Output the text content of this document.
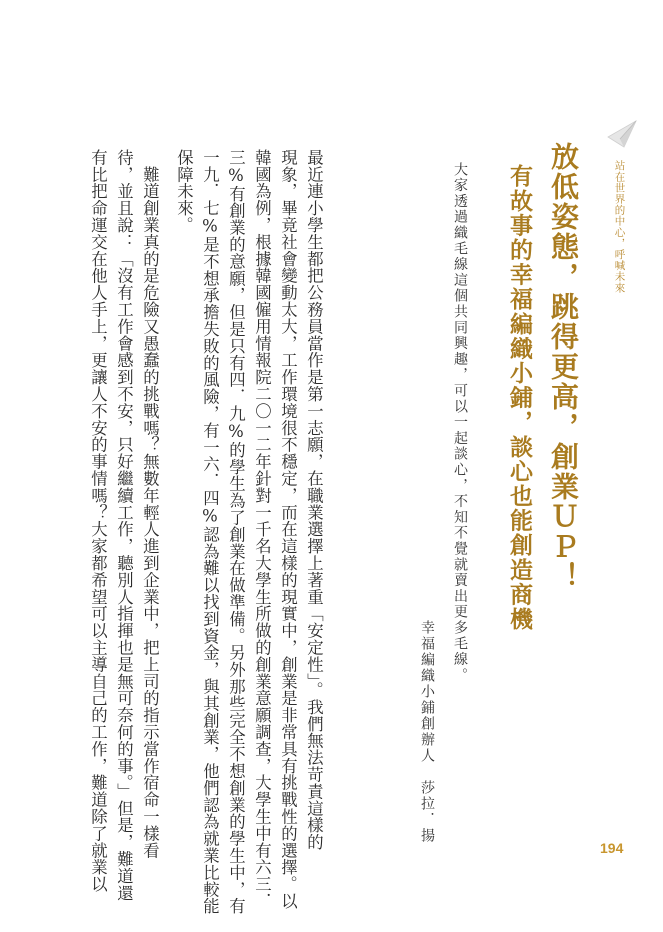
站在世界的中心，呼喊未來
放低姿態，跳得更高，創業ＵＰ！
有故事的幸福編織小鋪，談心也能創造商機
大家透過織毛線這個共同興趣，可以一起談心，不知不覺就賣出更多毛線。
幸福編織小鋪創辦人　莎拉．揚
最近連小學生都把公務員當作是第一志願，在職業選擇上著重「安定性」。我們無法苛責這樣的
現象，畢竟社會變動太大，工作環境很不穩定，而在這樣的現實中，創業是非常具有挑戰性的選擇。以
韓國為例，根據韓國僱用情報院二〇一二年針對一千名大學生所做的創業意願調查，大學生中有六三．
三%有創業的意願，但是只有四．九%的學生為了創業在做準備。另外那些完全不想創業的學生中，有
一九．七%是不想承擔失敗的風險，有一六．四%認為難以找到資金，與其創業，他們認為就業比較能
保障未來。
　難道創業真的是危險又愚蠢的挑戰嗎？無數年輕人進到企業中，把上司的指示當作宿命一樣看
待，並且說：「沒有工作會感到不安，只好繼續工作，聽別人指揮也是無可奈何的事。」但是，難道還
有比把命運交在他人手上，更讓人不安的事情嗎？大家都希望可以主導自己的工作，難道除了就業以	194
